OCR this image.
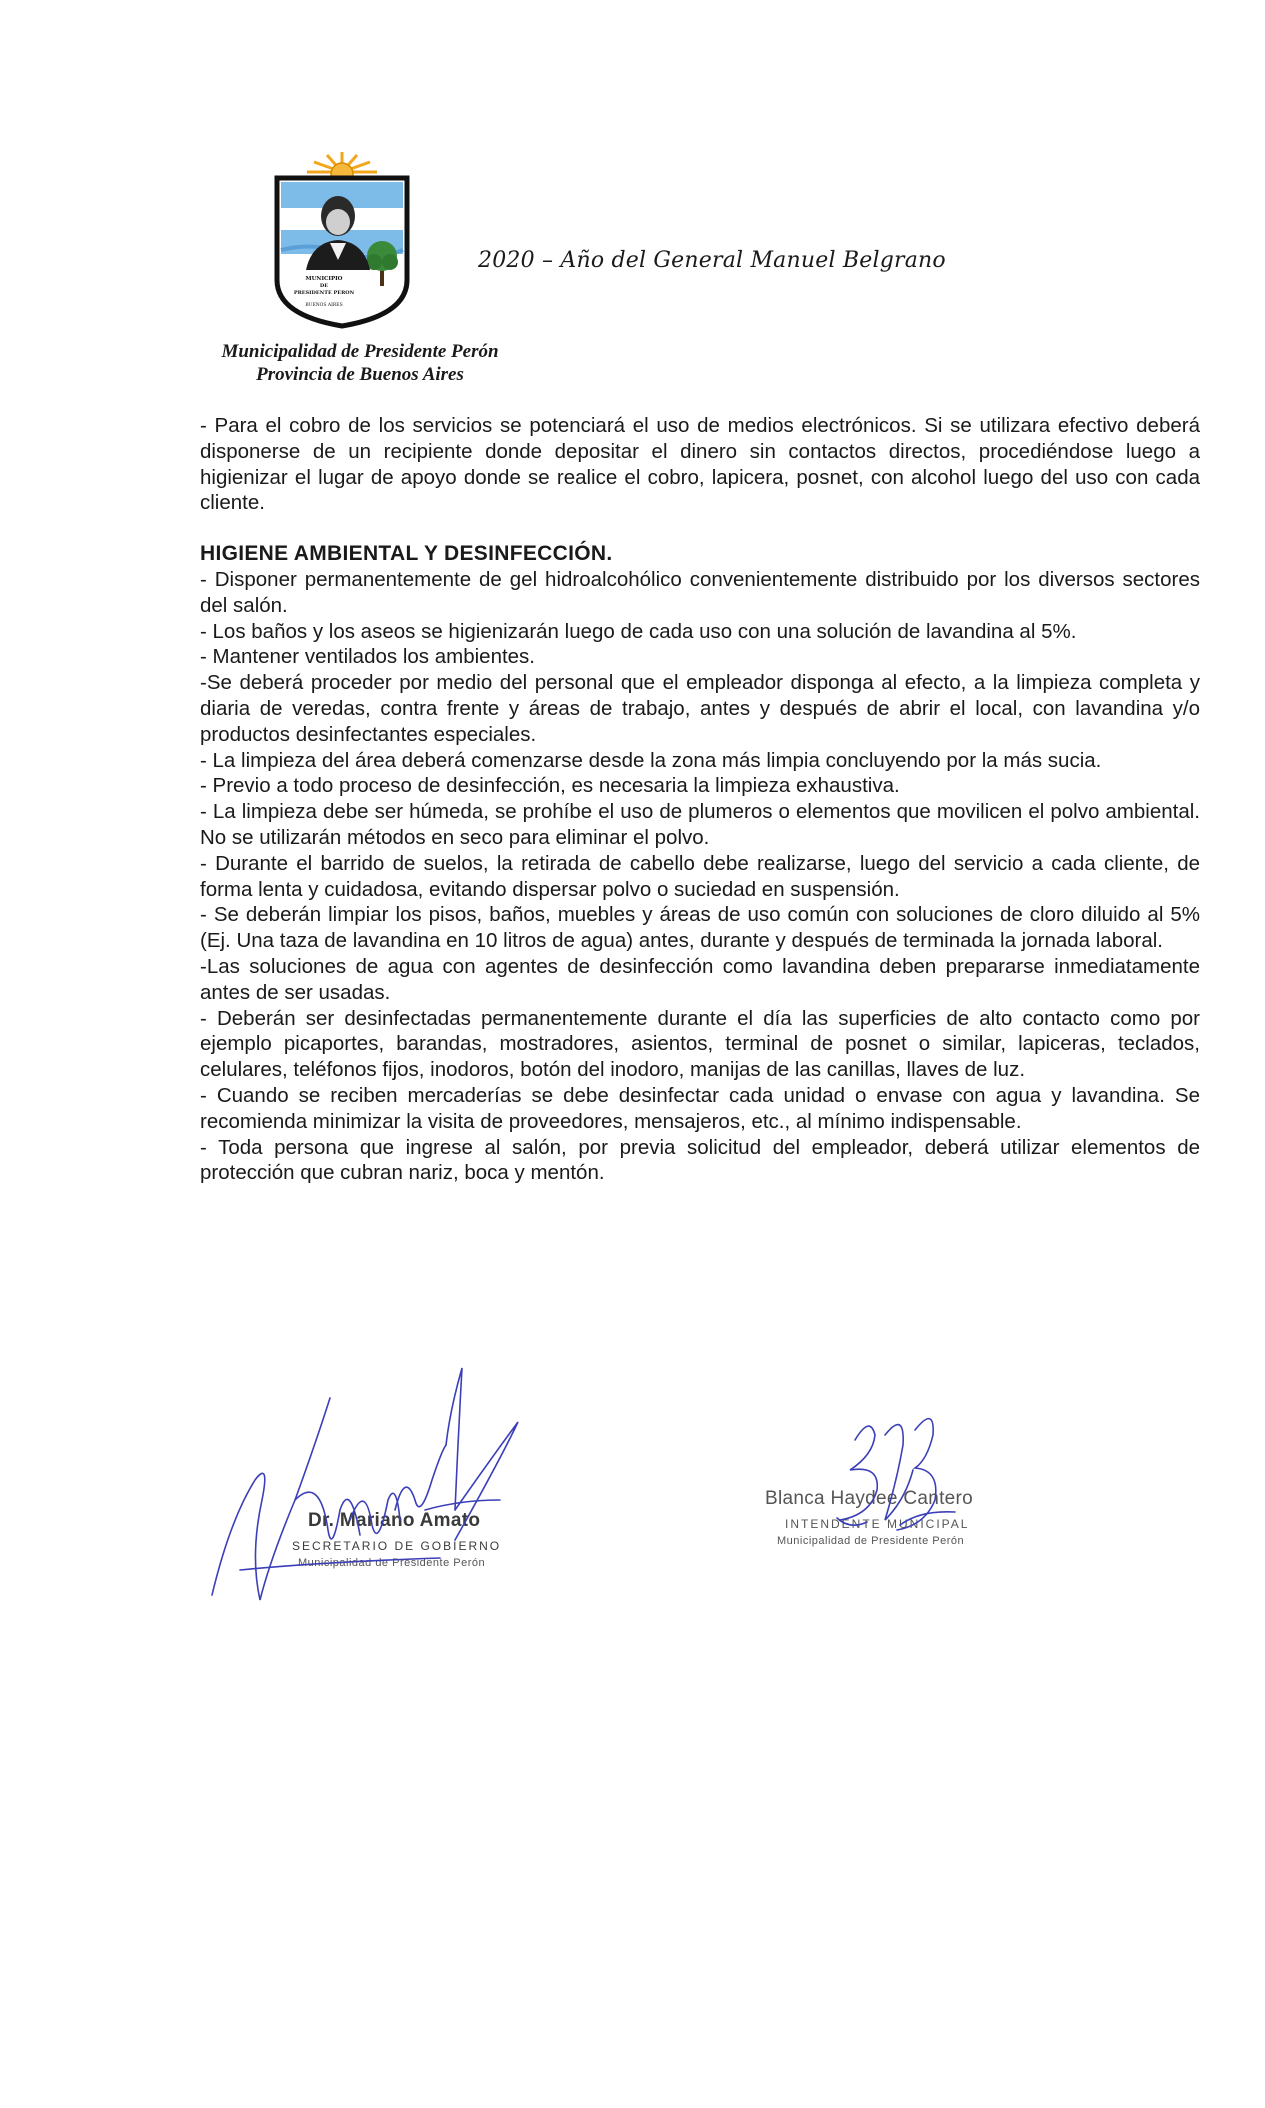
MUNICIPIO
DE
PRESIDENTE PERON
BUENOS AIRES
2020 – Año del General Manuel Belgrano
Municipalidad de Presidente Perón
Provincia de Buenos Aires

- Para el cobro de los servicios se potenciará el uso de medios electrónicos. Si se utilizara efectivo deberá disponerse de un recipiente donde depositar el dinero sin contactos directos, procediéndose luego a higienizar el lugar de apoyo donde se realice el cobro, lapicera, posnet, con alcohol luego del uso con cada cliente.

HIGIENE AMBIENTAL Y DESINFECCIÓN.

- Disponer permanentemente de gel hidroalcohólico convenientemente distribuido por los diversos sectores del salón.

- Los baños y los aseos se higienizarán luego de cada uso con una solución de lavandina al 5%.

- Mantener ventilados los ambientes.

-Se deberá proceder por medio del personal que el empleador disponga al efecto, a la limpieza completa y diaria de veredas, contra frente y áreas de trabajo, antes y después de abrir el local, con lavandina y/o productos desinfectantes especiales.

- La limpieza del área deberá comenzarse desde la zona más limpia concluyendo por la más sucia.

- Previo a todo proceso de desinfección, es necesaria la limpieza exhaustiva.

- La limpieza debe ser húmeda, se prohíbe el uso de plumeros o elementos que movilicen el polvo ambiental. No se utilizarán métodos en seco para eliminar el polvo.

- Durante el barrido de suelos, la retirada de cabello debe realizarse, luego del servicio a cada cliente, de forma lenta y cuidadosa, evitando dispersar polvo o suciedad en suspensión.

- Se deberán limpiar los pisos, baños, muebles y áreas de uso común con soluciones de cloro diluido al 5% (Ej. Una taza de lavandina en 10 litros de agua) antes, durante y después de terminada la jornada laboral.

-Las soluciones de agua con agentes de desinfección como lavandina deben prepararse inmediatamente antes de ser usadas.

- Deberán ser desinfectadas permanentemente durante el día las superficies de alto contacto como por ejemplo picaportes, barandas, mostradores, asientos, terminal de posnet o similar, lapiceras, teclados, celulares, teléfonos fijos, inodoros, botón del inodoro, manijas de las canillas, llaves de luz.

- Cuando se reciben mercaderías se debe desinfectar cada unidad o envase con agua y lavandina. Se recomienda minimizar la visita de proveedores, mensajeros, etc., al mínimo indispensable.

- Toda persona que ingrese al salón, por previa solicitud del empleador, deberá utilizar elementos de protección que cubran nariz, boca y mentón.

Dr. Mariano Amato
SECRETARIO DE GOBIERNO
Municipalidad de Presidente Perón
Blanca Haydee Cantero
INTENDENTE MUNICIPAL
Municipalidad de Presidente Perón
